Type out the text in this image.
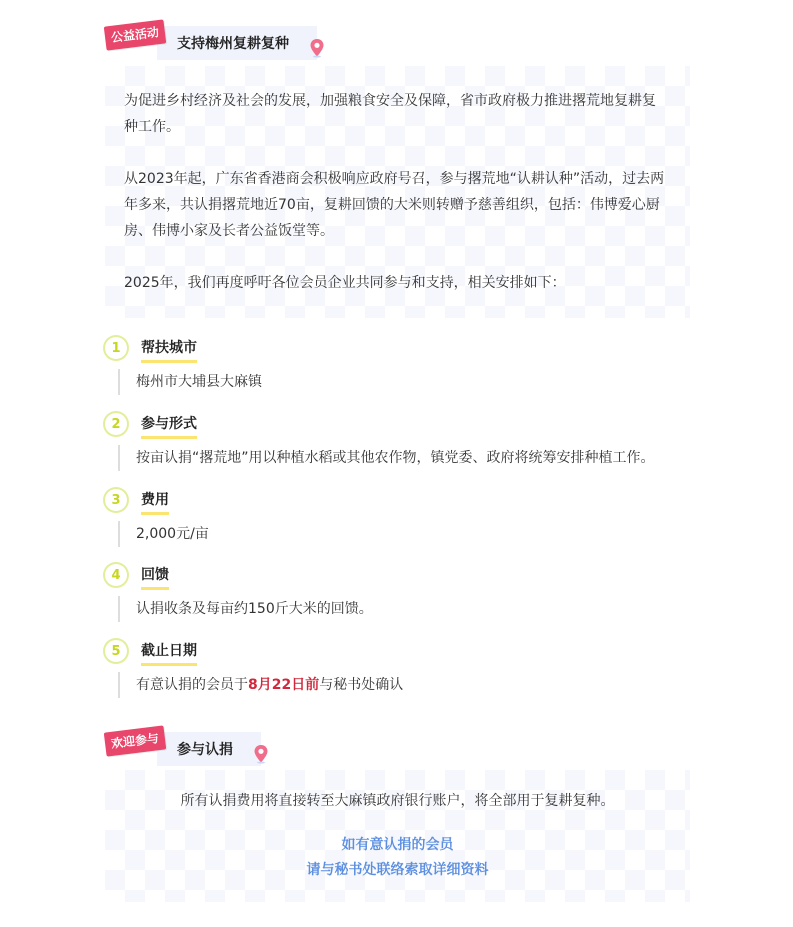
支持梅州复耕复种
公益活动

为促进乡村经济及社会的发展，加强粮食安全及保障，省市政府极力推进撂荒地复耕复种工作。

从2023年起，广东省香港商会积极响应政府号召，参与撂荒地“认耕认种”活动，过去两年多来，共认捐撂荒地近70亩，复耕回馈的大米则转赠予慈善组织，包括：伟博爱心厨房、伟博小家及长者公益饭堂等。

2025年，我们再度呼吁各位会员企业共同参与和支持，相关安排如下：

1	帮扶城市
梅州市大埔县大麻镇
2	参与形式
按亩认捐“撂荒地”用以种植水稻或其他农作物，镇党委、政府将统筹安排种植工作。
3	费用
2,000元/亩
4	回馈
认捐收条及每亩约150斤大米的回馈。
5	截止日期
有意认捐的会员于8月22日前与秘书处确认
参与认捐
欢迎参与
所有认捐费用将直接转至大麻镇政府银行账户，将全部用于复耕复种。
如有意认捐的会员
请与秘书处联络索取详细资料
